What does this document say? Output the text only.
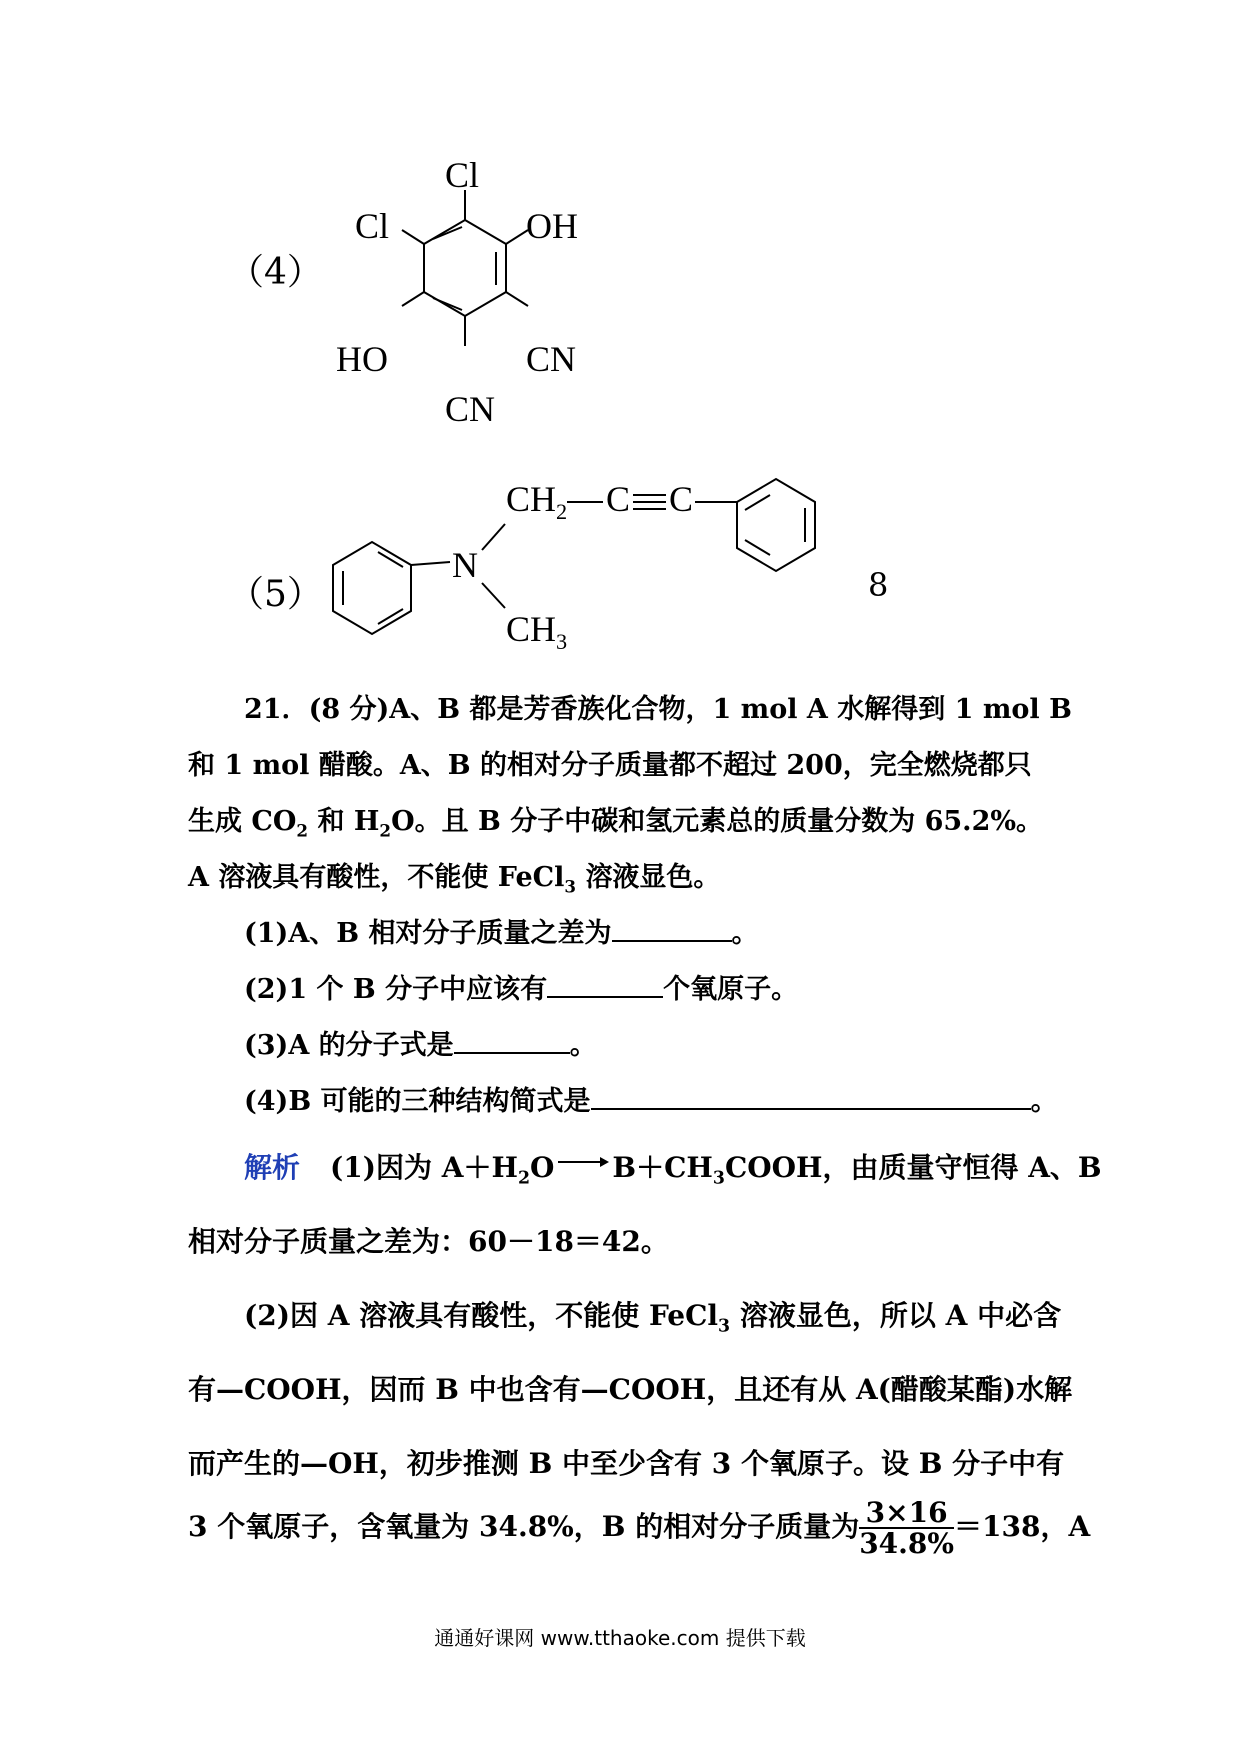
（4）
Cl
Cl	OH
HO	CN
CN
（5）
$CH_2$ C C
N
$CH_3$
8
21．(8 分)A、B 都是芳香族化合物，1 mol A 水解得到 1 mol B
和 1 mol 醋酸。A、B 的相对分子质量都不超过 200，完全燃烧都只
生成 $CO_2$ 和 $H_2O$。且 B 分子中碳和氢元素总的质量分数为 65.2%。
A 溶液具有酸性，不能使 FeCl$_3$ 溶液显色。
(1)A、B 相对分子质量之差为	。
(2)1 个 B 分子中应该有	个氧原子。
(3)A 的分子式是	。
(4)B 可能的三种结构简式是	。
解析 (1)因为 $A+H_2O$ → $B+CH_3COOH$，由质量守恒得 A、B
相对分子质量之差为：60－18＝42。
(2)因 A 溶液具有酸性，不能使 FeCl$_3$ 溶液显色，所以 A 中必含
有—COOH，因而 B 中也含有—COOH，且还有从 A(醋酸某酯)水解
而产生的—OH，初步推测 B 中至少含有 3 个氧原子。设 B 分子中有
3 个氧原子，含氧量为 34.8%，B 的相对分子质量为 $\frac{3\times 16}{34.8\%} =138$，A
通通好课网 www.tthaoke.com 提供下载
